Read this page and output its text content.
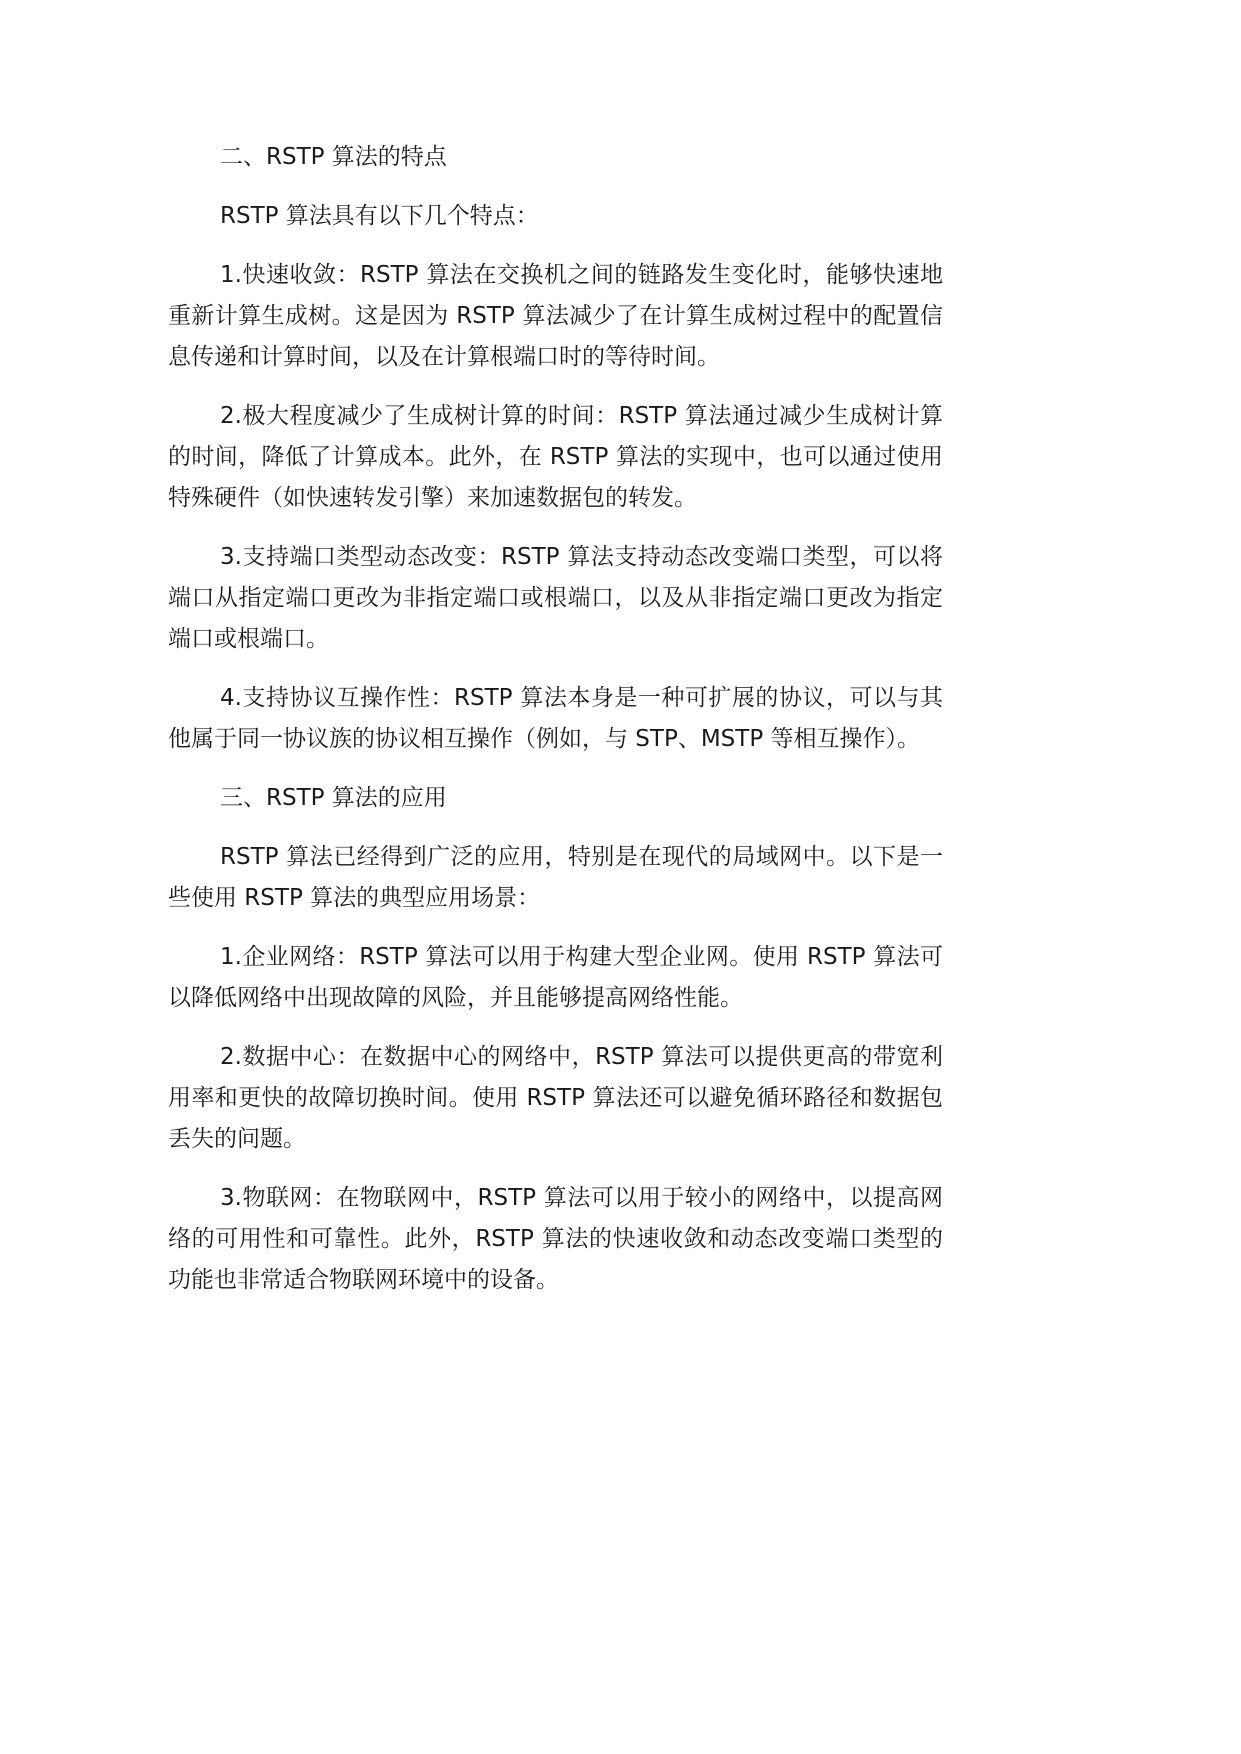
二、RSTP 算法的特点

RSTP 算法具有以下几个特点：

1.快速收敛：RSTP 算法在交换机之间的链路发生变化时，能够快速地重新计算生成树。这是因为 RSTP 算法减少了在计算生成树过程中的配置信息传递和计算时间，以及在计算根端口时的等待时间。

2.极大程度减少了生成树计算的时间：RSTP 算法通过减少生成树计算的时间，降低了计算成本。此外，在 RSTP 算法的实现中，也可以通过使用特殊硬件（如快速转发引擎）来加速数据包的转发。

3.支持端口类型动态改变：RSTP 算法支持动态改变端口类型，可以将端口从指定端口更改为非指定端口或根端口，以及从非指定端口更改为指定端口或根端口。

4.支持协议互操作性：RSTP 算法本身是一种可扩展的协议，可以与其他属于同一协议族的协议相互操作（例如，与 STP、MSTP 等相互操作）。

三、RSTP 算法的应用

RSTP 算法已经得到广泛的应用，特别是在现代的局域网中。以下是一些使用 RSTP 算法的典型应用场景：

1.企业网络：RSTP 算法可以用于构建大型企业网。使用 RSTP 算法可以降低网络中出现故障的风险，并且能够提高网络性能。

2.数据中心：在数据中心的网络中，RSTP 算法可以提供更高的带宽利用率和更快的故障切换时间。使用 RSTP 算法还可以避免循环路径和数据包丢失的问题。

3.物联网：在物联网中，RSTP 算法可以用于较小的网络中，以提高网络的可用性和可靠性。此外，RSTP 算法的快速收敛和动态改变端口类型的功能也非常适合物联网环境中的设备。
